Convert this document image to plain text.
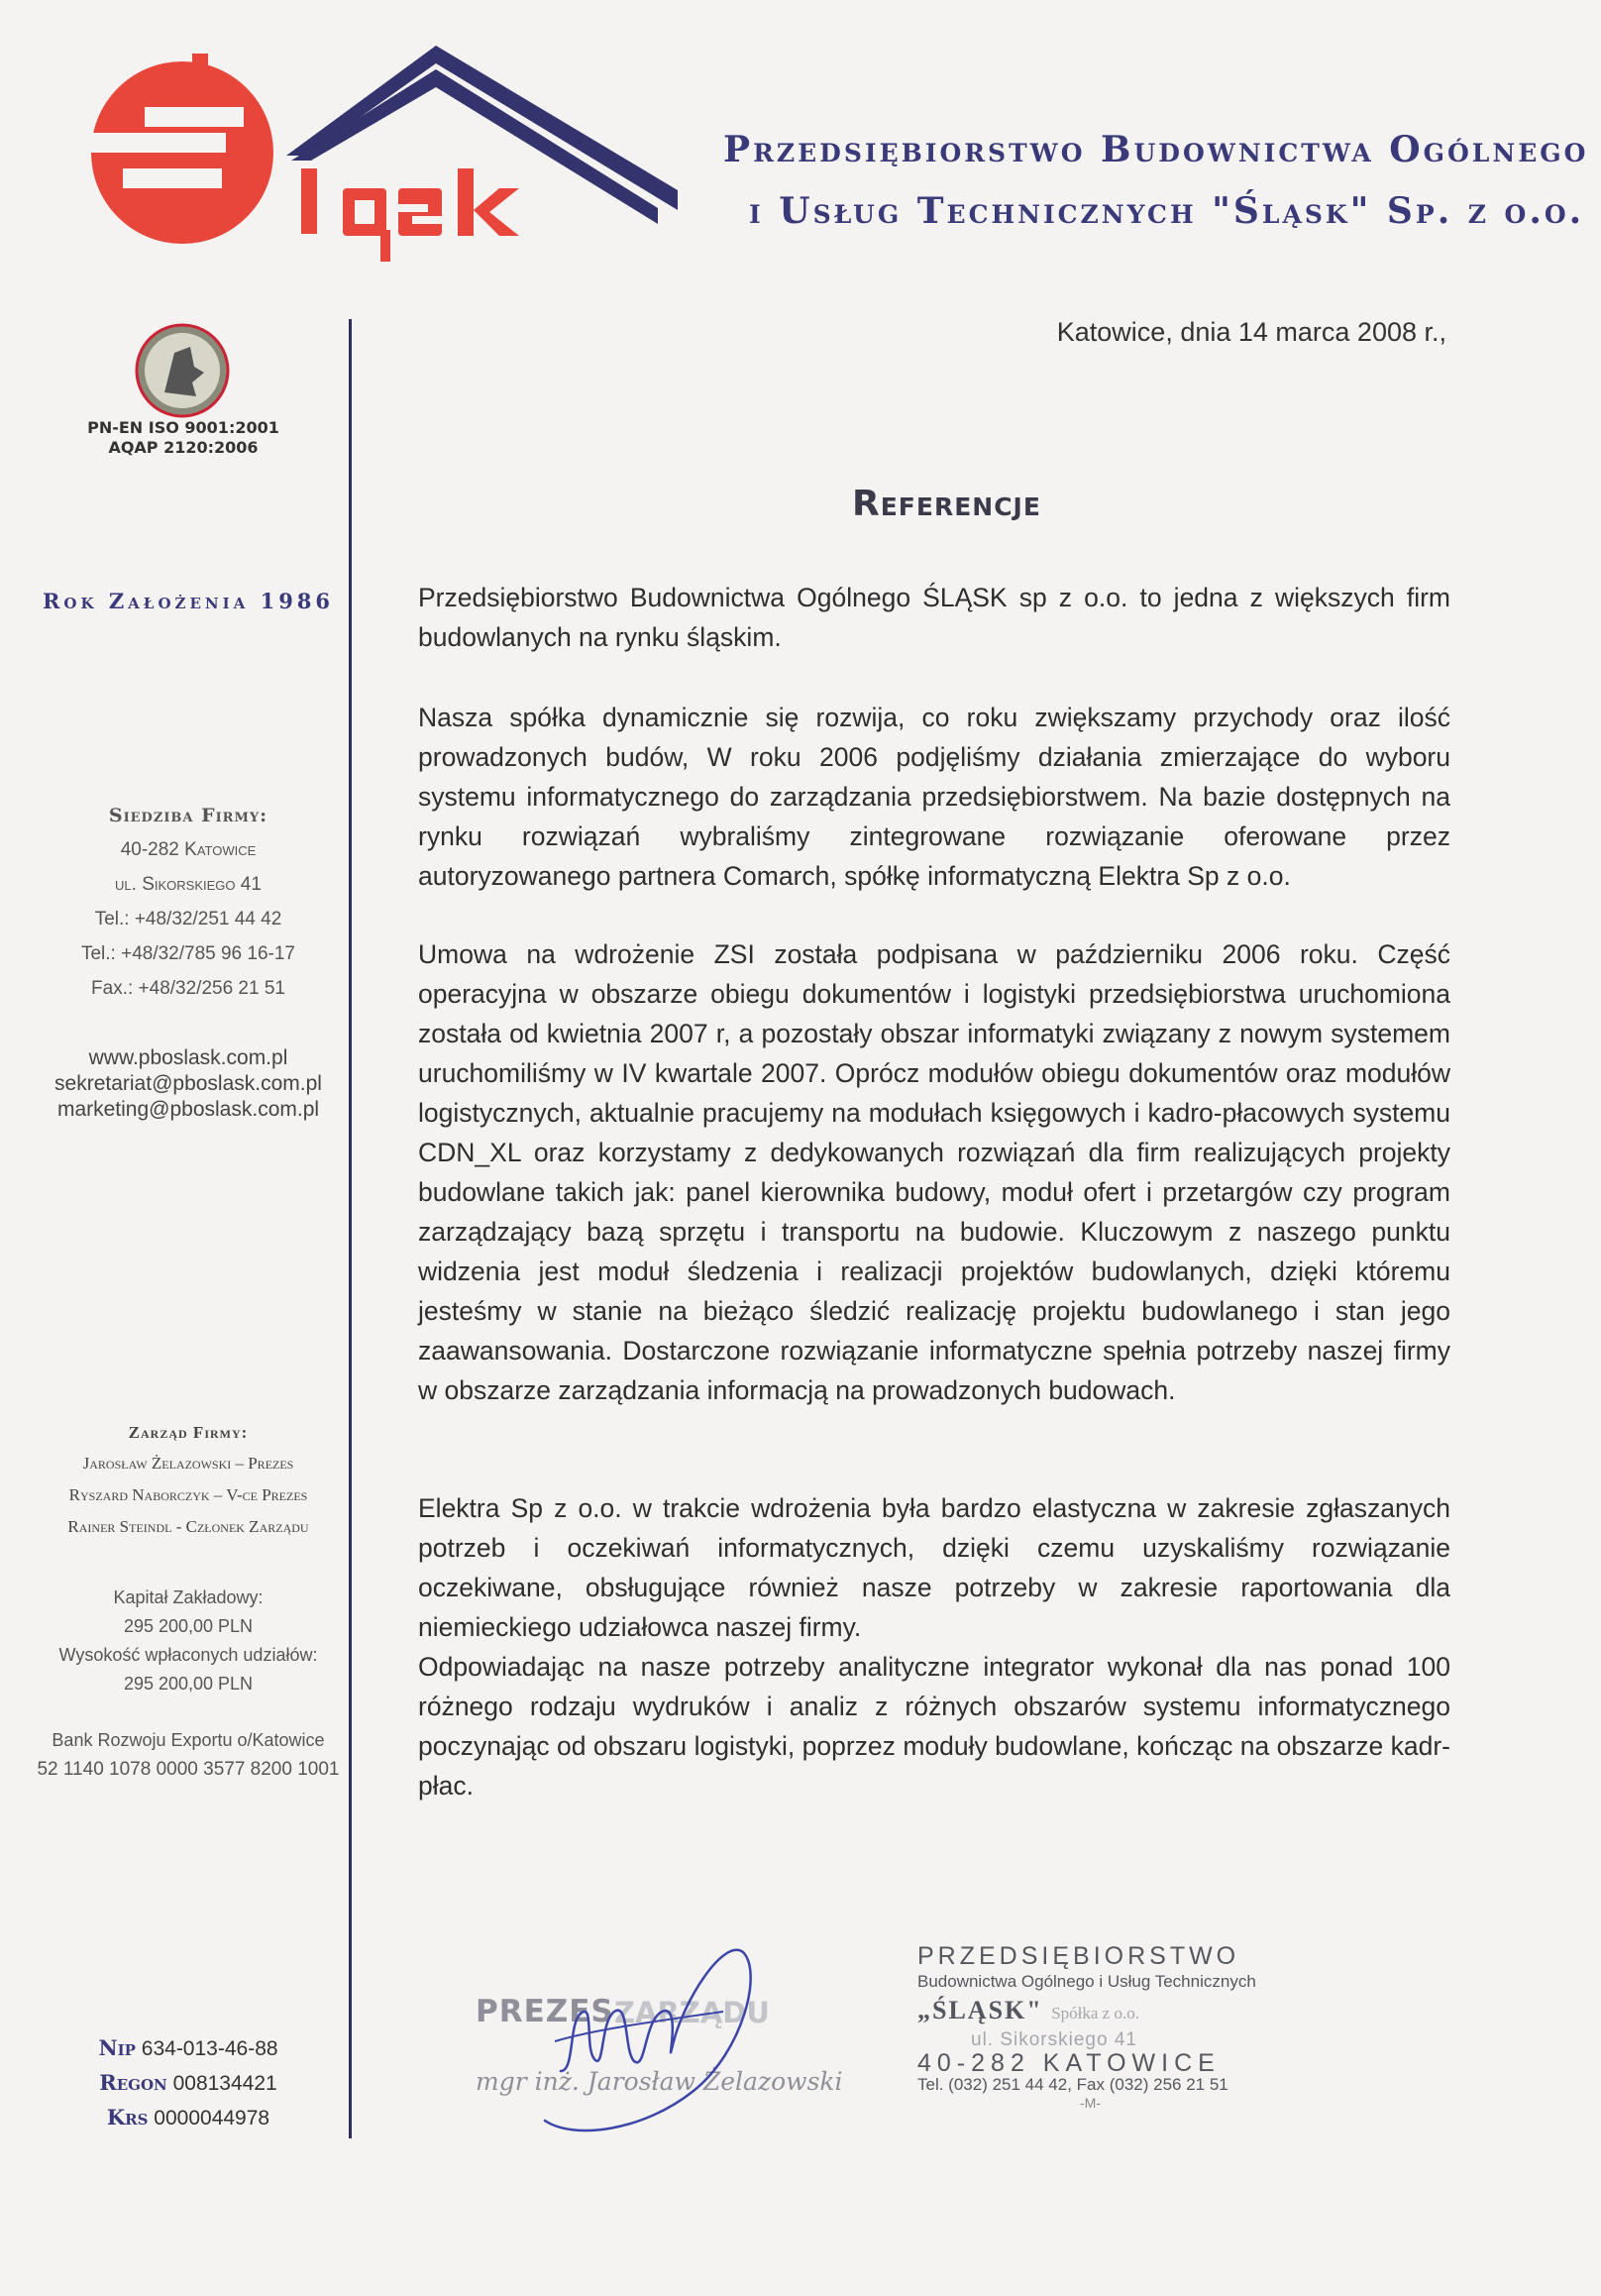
Przedsiębiorstwo Budownictwa Ogólnego
i Usług Technicznych "Śląsk" Sp. z o.o.
PN-EN ISO 9001:2001
AQAP 2120:2006
Rok Założenia 1986
Siedziba Firmy:
40-282 Katowice
ul. Sikorskiego 41
Tel.: +48/32/251 44 42
Tel.: +48/32/785 96 16-17
Fax.: +48/32/256 21 51
www.pboslask.com.pl
sekretariat@pboslask.com.pl
marketing@pboslask.com.pl
Zarząd Firmy:
Jarosław Żelazowski – Prezes
Ryszard Naborczyk – V-ce Prezes
Rainer Steindl - Członek Zarządu
Kapitał Zakładowy:
295 200,00 PLN
Wysokość wpłaconych udziałów:
295 200,00 PLN
Bank Rozwoju Exportu o/Katowice
52 1140 1078 0000 3577 8200 1001
Nip 634-013-46-88
Regon 008134421
Krs 0000044978
Katowice, dnia 14 marca 2008 r.,
Referencje
Przedsiębiorstwo Budownictwa Ogólnego ŚLĄSK sp z o.o. to jedna z większych firm budowlanych na rynku śląskim.
Nasza spółka dynamicznie się rozwija, co roku zwiększamy przychody oraz ilość prowadzonych budów, W roku 2006 podjęliśmy działania zmierzające do wyboru systemu informatycznego do zarządzania przedsiębiorstwem. Na bazie dostępnych na rynku rozwiązań wybraliśmy zintegrowane rozwiązanie oferowane przez autoryzowanego partnera Comarch, spółkę informatyczną Elektra Sp z o.o.
Umowa na wdrożenie ZSI została podpisana w październiku 2006 roku. Część operacyjna w obszarze obiegu dokumentów i logistyki przedsiębiorstwa uruchomiona została od kwietnia 2007 r, a pozostały obszar informatyki związany z nowym systemem uruchomiliśmy w IV kwartale 2007. Oprócz modułów obiegu dokumentów oraz modułów logistycznych, aktualnie pracujemy na modułach księgowych i kadro-płacowych systemu CDN_XL oraz korzystamy z dedykowanych rozwiązań dla firm realizujących projekty budowlane takich jak: panel kierownika budowy, moduł ofert i przetargów czy program zarządzający bazą sprzętu i transportu na budowie. Kluczowym z naszego punktu widzenia jest moduł śledzenia i realizacji projektów budowlanych, dzięki któremu jesteśmy w stanie na bieżąco śledzić realizację projektu budowlanego i stan jego zaawansowania. Dostarczone rozwiązanie informatyczne spełnia potrzeby naszej firmy w obszarze zarządzania informacją na prowadzonych budowach.
Elektra Sp z o.o. w trakcie wdrożenia była bardzo elastyczna w zakresie zgłaszanych potrzeb i oczekiwań informatycznych, dzięki czemu uzyskaliśmy rozwiązanie oczekiwane, obsługujące również nasze potrzeby w zakresie raportowania dla niemieckiego udziałowca naszej firmy.
Odpowiadając na nasze potrzeby analityczne integrator wykonał dla nas ponad 100 różnego rodzaju wydruków i analiz z różnych obszarów systemu informatycznego poczynając od obszaru logistyki, poprzez moduły budowlane, kończąc na obszarze kadr-płac.
PREZES ZARZĄDU
mgr inż. Jarosław Żelazowski
PRZEDSIĘBIORSTWO
Budownictwa Ogólnego i Usług Technicznych
„ŚLĄSK" Spółka z o.o.
ul. Sikorskiego 41
40-282 KATOWICE
Tel. (032) 251 44 42, Fax (032) 256 21 51
-M-
